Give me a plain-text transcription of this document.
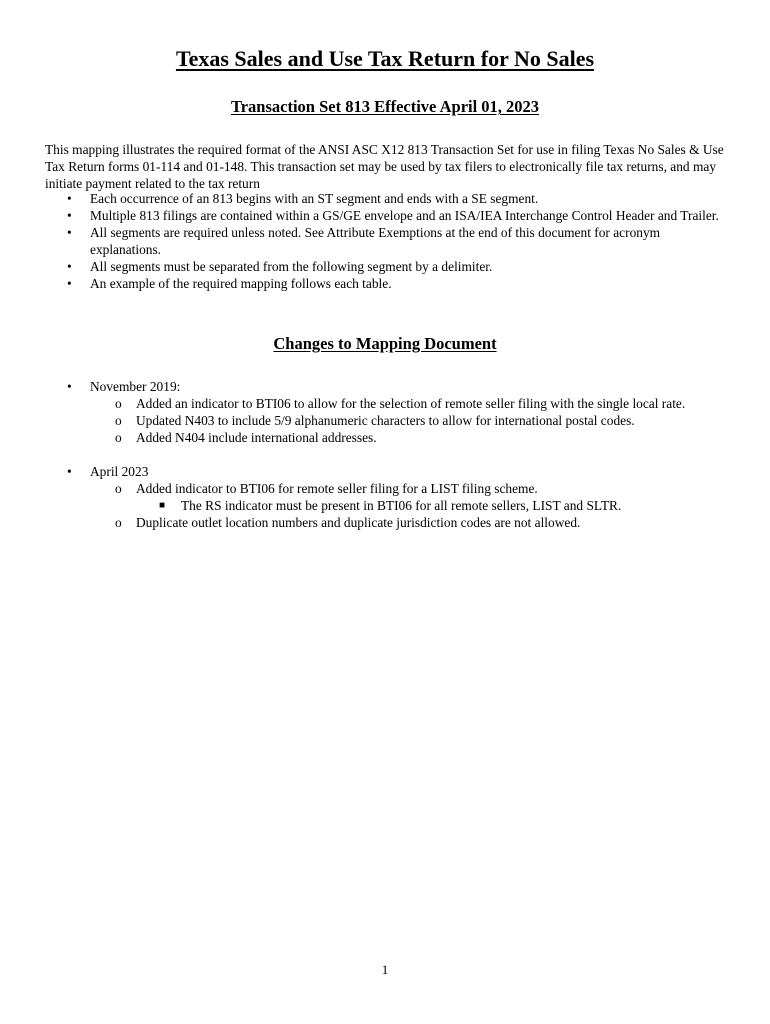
Texas Sales and Use Tax Return for No Sales
Transaction Set 813 Effective April 01, 2023
This mapping illustrates the required format of the ANSI ASC X12 813 Transaction Set for use in filing Texas No Sales & Use Tax Return forms 01-114 and 01-148. This transaction set may be used by tax filers to electronically file tax returns, and may initiate payment related to the tax return
• Each occurrence of an 813 begins with an ST segment and ends with a SE segment.
• Multiple 813 filings are contained within a GS/GE envelope and an ISA/IEA Interchange Control Header and Trailer.
• All segments are required unless noted. See Attribute Exemptions at the end of this document for acronym explanations.
• All segments must be separated from the following segment by a delimiter.
• An example of the required mapping follows each table.
Changes to Mapping Document
• November 2019:
o Added an indicator to BTI06 to allow for the selection of remote seller filing with the single local rate.
o Updated N403 to include 5/9 alphanumeric characters to allow for international postal codes.
o Added N404 include international addresses.
• April 2023
o Added indicator to BTI06 for remote seller filing for a LIST filing scheme.
■ The RS indicator must be present in BTI06 for all remote sellers, LIST and SLTR.
o Duplicate outlet location numbers and duplicate jurisdiction codes are not allowed.
1
